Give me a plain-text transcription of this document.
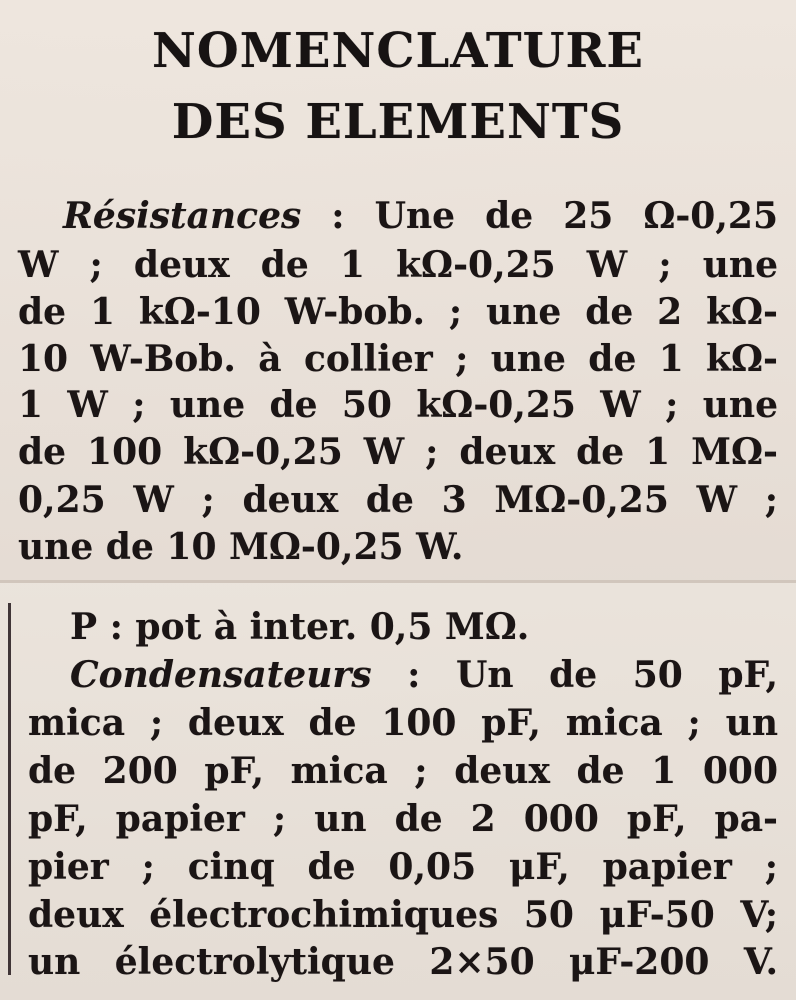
NOMENCLATURE
DES ELEMENTS
Résistances : Une de 25 Ω-0,25
W ; deux de 1 kΩ-0,25 W ; une
de 1 kΩ-10 W-bob. ; une de 2 kΩ-
10 W-Bob. à collier ; une de 1 kΩ-
1 W ; une de 50 kΩ-0,25 W ; une
de 100 kΩ-0,25 W ; deux de 1 MΩ-
0,25 W ; deux de 3 MΩ-0,25 W ;
une de 10 MΩ-0,25 W.
P : pot à inter. 0,5 MΩ.
Condensateurs : Un de 50 pF,
mica ; deux de 100 pF, mica ; un
de 200 pF, mica ; deux de 1 000
pF, papier ; un de 2 000 pF, pa-
pier ; cinq de 0,05 μF, papier ;
deux électrochimiques 50 μF-50 V;
un électrolytique 2×50 μF-200 V.
